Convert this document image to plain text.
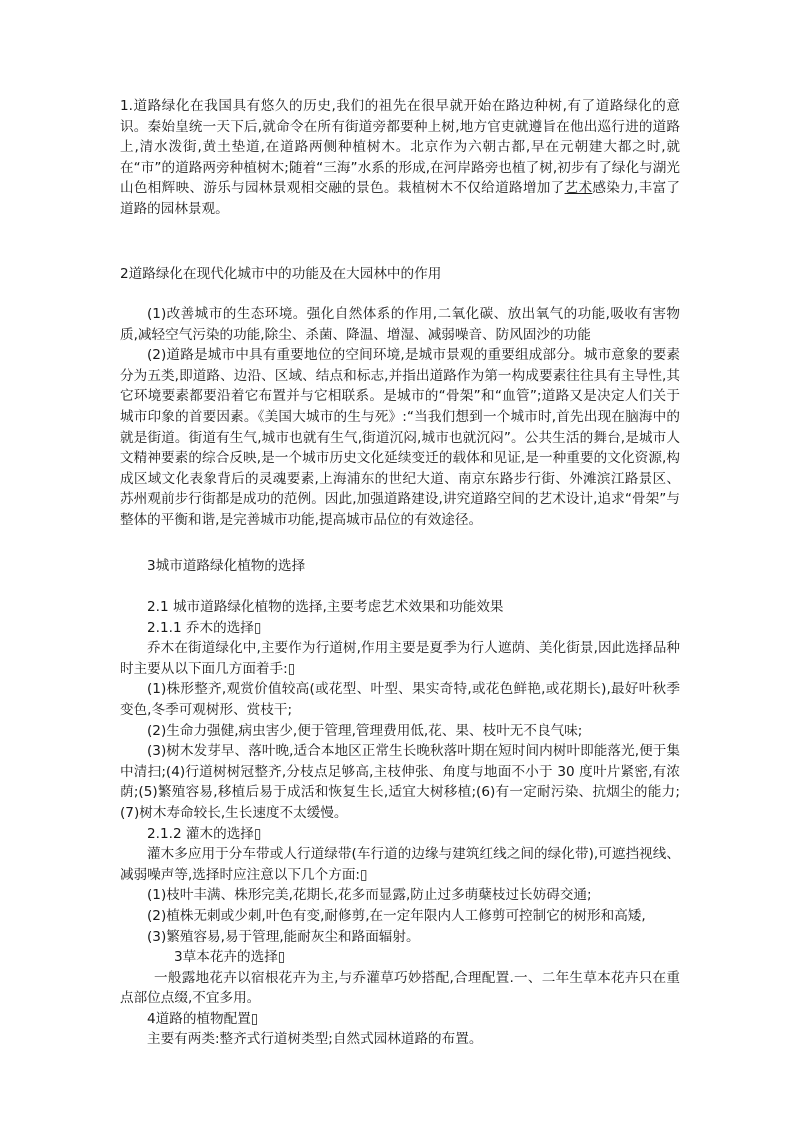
1.道路绿化在我国具有悠久的历史,我们的祖先在很早就开始在路边种树,有了道路绿化的意识。秦始皇统一天下后,就命令在所有街道旁都要种上树,地方官吏就遵旨在他出巡行进的道路上,清水泼街,黄土垫道,在道路两侧种植树木。北京作为六朝古都,早在元朝建大都之时,就在“市”的道路两旁种植树木;随着“三海”水系的形成,在河岸路旁也植了树,初步有了绿化与湖光山色相辉映、游乐与园林景观相交融的景色。栽植树木不仅给道路增加了艺术感染力,丰富了道路的园林景观。

2道路绿化在现代化城市中的功能及在大园林中的作用

(1)改善城市的生态环境。强化自然体系的作用,二氧化碳、放出氧气的功能,吸收有害物质,减轻空气污染的功能,除尘、杀菌、降温、增湿、减弱噪音、防风固沙的功能

(2)道路是城市中具有重要地位的空间环境,是城市景观的重要组成部分。城市意象的要素分为五类,即道路、边沿、区域、结点和标志,并指出道路作为第一构成要素往往具有主导性,其它环境要素都要沿着它布置并与它相联系。是城市的“骨架”和“血管”;道路又是决定人们关于城市印象的首要因素。《美国大城市的生与死》:“当我们想到一个城市时,首先出现在脑海中的就是街道。街道有生气,城市也就有生气,街道沉闷,城市也就沉闷”。公共生活的舞台,是城市人文精神要素的综合反映,是一个城市历史文化延续变迁的载体和见证,是一种重要的文化资源,构成区域文化表象背后的灵魂要素,上海浦东的世纪大道、南京东路步行街、外滩滨江路景区、苏州观前步行街都是成功的范例。因此,加强道路建设,讲究道路空间的艺术设计,追求“骨架”与整体的平衡和谐,是完善城市功能,提高城市品位的有效途径。

3城市道路绿化植物的选择

2.1 城市道路绿化植物的选择,主要考虑艺术效果和功能效果

2.1.1 乔木的选择▯

乔木在街道绿化中,主要作为行道树,作用主要是夏季为行人遮荫、美化街景,因此选择品种时主要从以下面几方面着手:▯

(1)株形整齐,观赏价值较高(或花型、叶型、果实奇特,或花色鲜艳,或花期长),最好叶秋季变色,冬季可观树形、赏枝干;

(2)生命力强健,病虫害少,便于管理,管理费用低,花、果、枝叶无不良气味;

(3)树木发芽早、落叶晚,适合本地区正常生长晚秋落叶期在短时间内树叶即能落光,便于集中清扫;(4)行道树树冠整齐,分枝点足够高,主枝伸张、角度与地面不小于 30 度叶片紧密,有浓荫;(5)繁殖容易,移植后易于成活和恢复生长,适宜大树移植;(6)有一定耐污染、抗烟尘的能力;(7)树木寿命较长,生长速度不太缓慢。

2.1.2 灌木的选择▯

灌木多应用于分车带或人行道绿带(车行道的边缘与建筑红线之间的绿化带),可遮挡视线、减弱噪声等,选择时应注意以下几个方面:▯

(1)枝叶丰满、株形完美,花期长,花多而显露,防止过多萌蘖枝过长妨碍交通;

(2)植株无刺或少刺,叶色有变,耐修剪,在一定年限内人工修剪可控制它的树形和高矮,

(3)繁殖容易,易于管理,能耐灰尘和路面辐射。

3草本花卉的选择▯

一般露地花卉以宿根花卉为主,与乔灌草巧妙搭配,合理配置.一、二年生草本花卉只在重点部位点缀,不宜多用。

4道路的植物配置▯

主要有两类:整齐式行道树类型;自然式园林道路的布置。
